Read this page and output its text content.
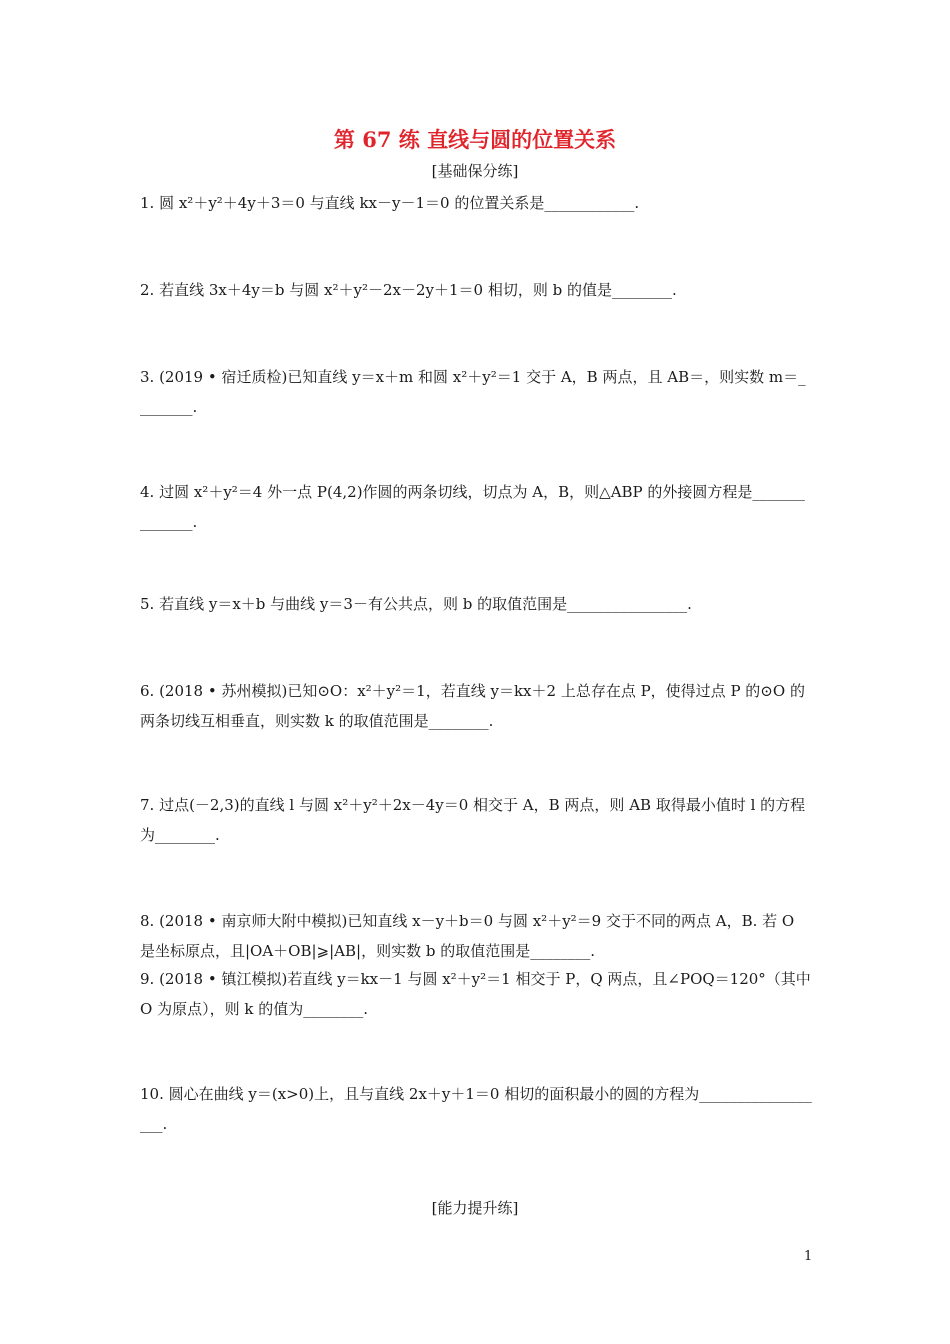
第 67 练 直线与圆的位置关系
[基础保分练]
1. 圆 x²＋y²＋4y＋3＝0 与直线 kx－y－1＝0 的位置关系是____________.
2. 若直线 3x＋4y＝b 与圆 x²＋y²－2x－2y＋1＝0 相切，则 b 的值是________.
3. (2019 • 宿迁质检)已知直线 y＝x＋m 和圆 x²＋y²＝1 交于 A，B 两点，且 AB＝，则实数 m＝________.
4. 过圆 x²＋y²＝4 外一点 P(4,2)作圆的两条切线，切点为 A，B，则△ABP 的外接圆方程是______________.
5. 若直线 y＝x＋b 与曲线 y＝3－有公共点，则 b 的取值范围是________________.
6. (2018 • 苏州模拟)已知⊙O：x²＋y²＝1，若直线 y＝kx＋2 上总存在点 P，使得过点 P 的⊙O 的两条切线互相垂直，则实数 k 的取值范围是________.
7. 过点(－2,3)的直线 l 与圆 x²＋y²＋2x－4y＝0 相交于 A，B 两点，则 AB 取得最小值时 l 的方程为________.
8. (2018 • 南京师大附中模拟)已知直线 x－y＋b＝0 与圆 x²＋y²＝9 交于不同的两点 A，B. 若 O 是坐标原点，且|OA＋OB|⩾|AB|，则实数 b 的取值范围是________.
9. (2018 • 镇江模拟)若直线 y＝kx－1 与圆 x²＋y²＝1 相交于 P，Q 两点，且∠POQ＝120°（其中 O 为原点），则 k 的值为________.
10. 圆心在曲线 y＝(x>0)上，且与直线 2x＋y＋1＝0 相切的面积最小的圆的方程为__________________.
[能力提升练]
1
